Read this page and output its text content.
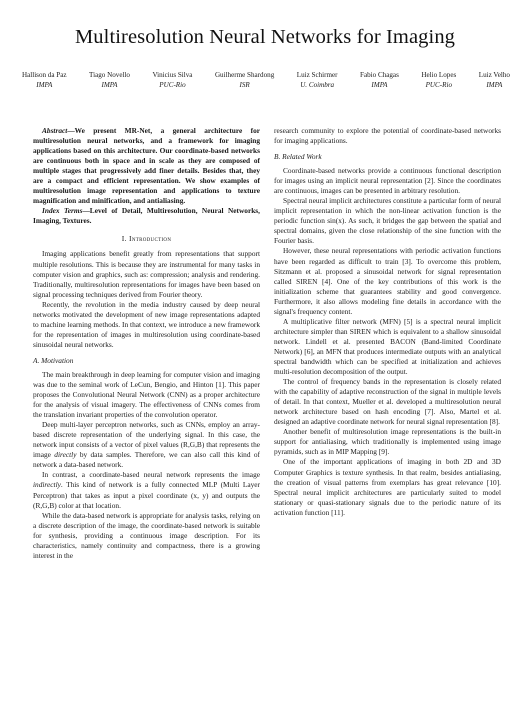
Multiresolution Neural Networks for Imaging
Hallison da Paz
IMPA
Tiago Novello
IMPA
Vinicius Silva
PUC-Rio
Guilherme Shardong
ISR
Luiz Schirmer
U. Coimbra
Fabio Chagas
IMPA
Helio Lopes
PUC-Rio
Luiz Velho
IMPA

Abstract—We present MR-Net, a general architecture for multiresolution neural networks, and a framework for imaging applications based on this architecture. Our coordinate-based networks are continuous both in space and in scale as they are composed of multiple stages that progressively add finer details. Besides that, they are a compact and efficient representation. We show examples of multiresolution image representation and applications to texture magnification and minification, and antialiasing.

Index Terms—Level of Detail, Multiresolution, Neural Networks, Imaging, Textures.

I. Introduction

Imaging applications benefit greatly from representations that support multiple resolutions. This is because they are instrumental for many tasks in computer vision and graphics, such as: compression; analysis and rendering. Traditionally, multiresolution representations for images have been based on signal processing techniques derived from Fourier theory.

Recently, the revolution in the media industry caused by deep neural networks motivated the development of new image representations adapted to machine learning methods. In that context, we introduce a new framework for the representation of images in multiresolution using coordinate-based sinusoidal neural networks.

A. Motivation

The main breakthrough in deep learning for computer vision and imaging was due to the seminal work of LeCun, Bengio, and Hinton [1]. This paper proposes the Convolutional Neural Network (CNN) as a proper architecture for the analysis of visual imagery. The effectiveness of CNNs comes from the translation invariant properties of the convolution operator.

Deep multi-layer perceptron networks, such as CNNs, employ an array-based discrete representation of the underlying signal. In this case, the network input consists of a vector of pixel values (R,G,B) that represents the image directly by data samples. Therefore, we can also call this kind of network a data-based network.

In contrast, a coordinate-based neural network represents the image indirectly. This kind of network is a fully connected MLP (Multi Layer Perceptron) that takes as input a pixel coordinate (x, y) and outputs the (R,G,B) color at that location.

While the data-based network is appropriate for analysis tasks, relying on a discrete description of the image, the coordinate-based network is suitable for synthesis, providing a continuous image description. For its characteristics, namely continuity and compactness, there is a growing interest in the

research community to explore the potential of coordinate-based networks for imaging applications.

B. Related Work

Coordinate-based networks provide a continuous functional description for images using an implicit neural representation [2]. Since the coordinates are continuous, images can be presented in arbitrary resolution.

Spectral neural implicit architectures constitute a particular form of neural implicit representation in which the non-linear activation function is the periodic function sin(x). As such, it bridges the gap between the spatial and spectral domains, given the close relationship of the sine function with the Fourier basis.

However, these neural representations with periodic activation functions have been regarded as difficult to train [3]. To overcome this problem, Sitzmann et al. proposed a sinusoidal network for signal representation called SIREN [4]. One of the key contributions of this work is the initialization scheme that guarantees stability and good convergence. Furthermore, it also allows modeling fine details in accordance with the signal's frequency content.

A multiplicative filter network (MFN) [5] is a spectral neural implicit architecture simpler than SIREN which is equivalent to a shallow sinusoidal network. Lindell et al. presented BACON (Band-limited Coordinate Network) [6], an MFN that produces intermediate outputs with an analytical spectral bandwidth which can be specified at initialization and achieves multi-resolution decomposition of the output.

The control of frequency bands in the representation is closely related with the capability of adaptive reconstruction of the signal in multiple levels of detail. In that context, Mueller et al. developed a multiresolution neural network architecture based on hash encoding [7]. Also, Martel et al. designed an adaptive coordinate network for neural signal representation [8].

Another benefit of multiresolution image representations is the built-in support for antialiasing, which traditionally is implemented using image pyramids, such as in MIP Mapping [9].

One of the important applications of imaging in both 2D and 3D Computer Graphics is texture synthesis. In that realm, besides antialiasing, the creation of visual patterns from exemplars has great relevance [10]. Spectral neural implicit architectures are particularly suited to model stationary or quasi-stationary signals due to the periodic nature of its activation function [11].
